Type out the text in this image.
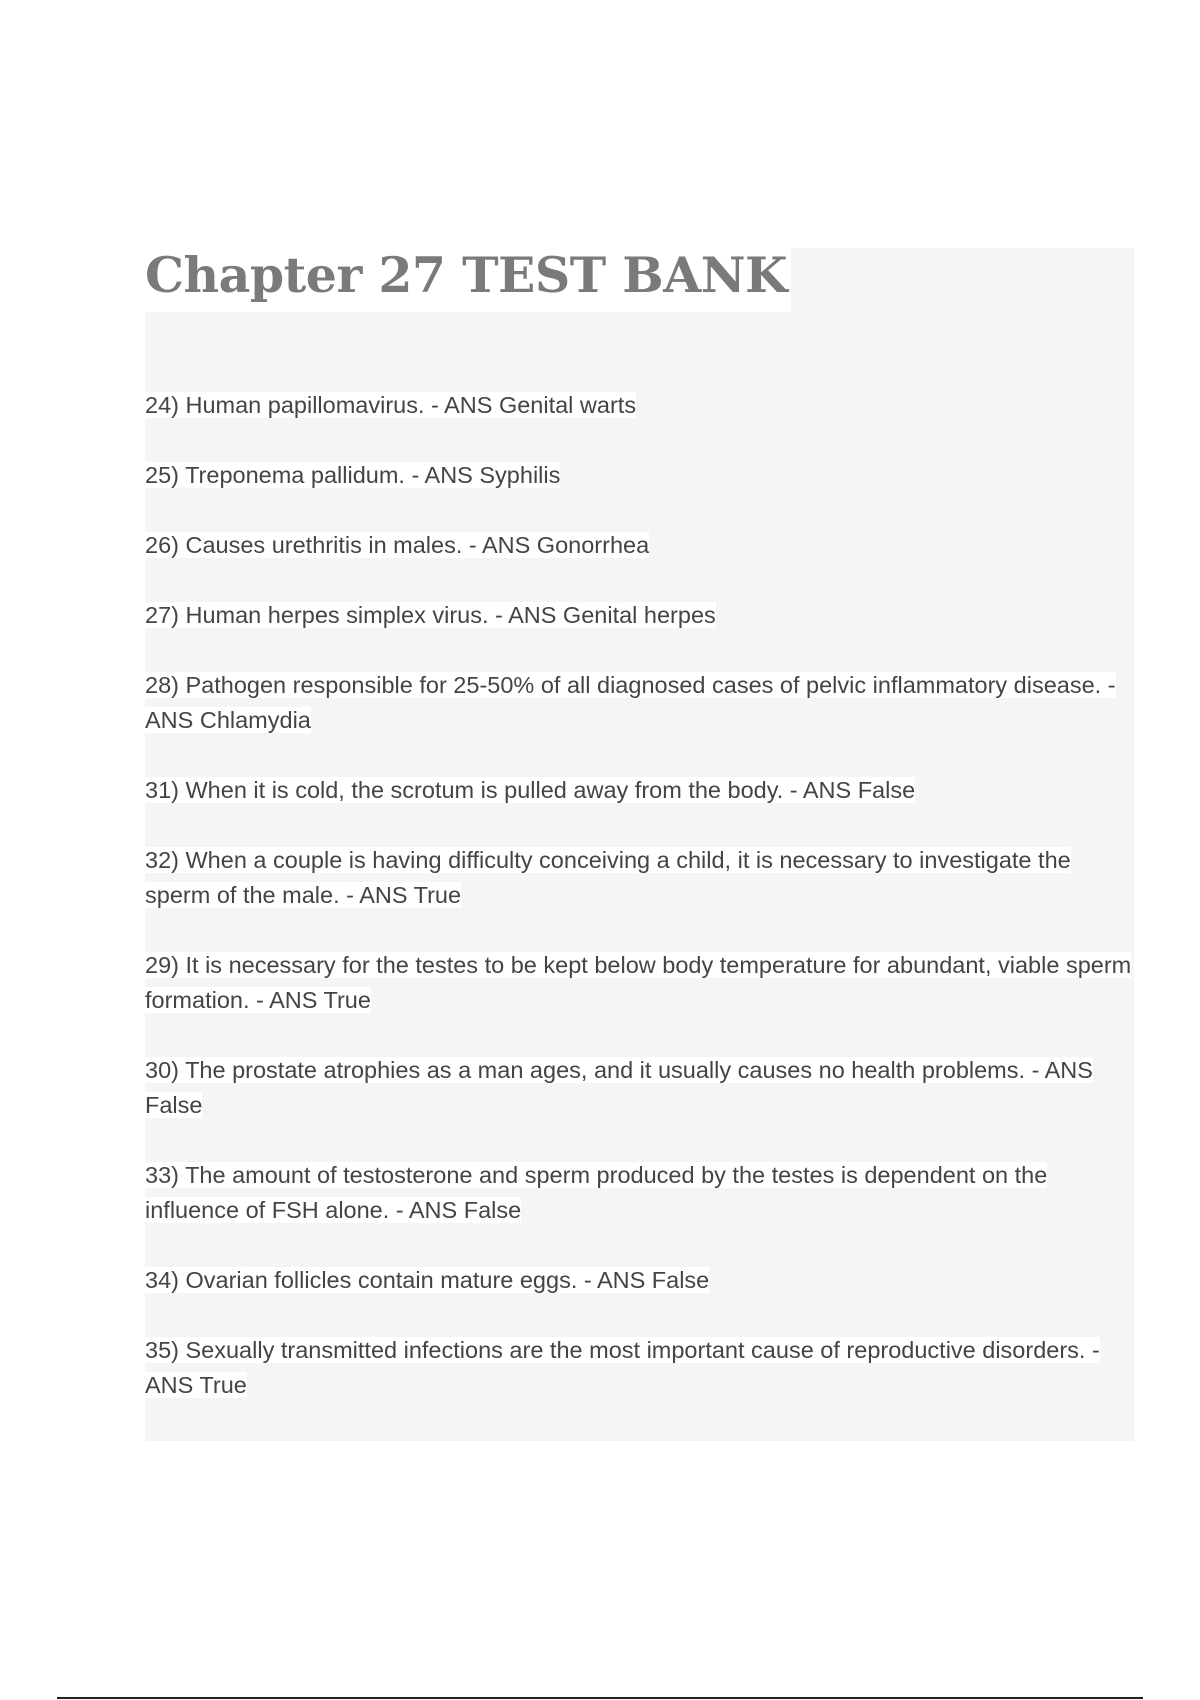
Chapter 27 TEST BANK
24) Human papillomavirus. - ANS Genital warts
25) Treponema pallidum. - ANS Syphilis
26) Causes urethritis in males. - ANS Gonorrhea
27) Human herpes simplex virus. - ANS Genital herpes
28) Pathogen responsible for 25-50% of all diagnosed cases of pelvic inflammatory disease. - ANS Chlamydia
31) When it is cold, the scrotum is pulled away from the body. - ANS False
32) When a couple is having difficulty conceiving a child, it is necessary to investigate the sperm of the male. - ANS True
29) It is necessary for the testes to be kept below body temperature for abundant, viable sperm formation. - ANS True
30) The prostate atrophies as a man ages, and it usually causes no health problems. - ANS False
33) The amount of testosterone and sperm produced by the testes is dependent on the influence of FSH alone. - ANS False
34) Ovarian follicles contain mature eggs. - ANS False
35) Sexually transmitted infections are the most important cause of reproductive disorders. - ANS True
